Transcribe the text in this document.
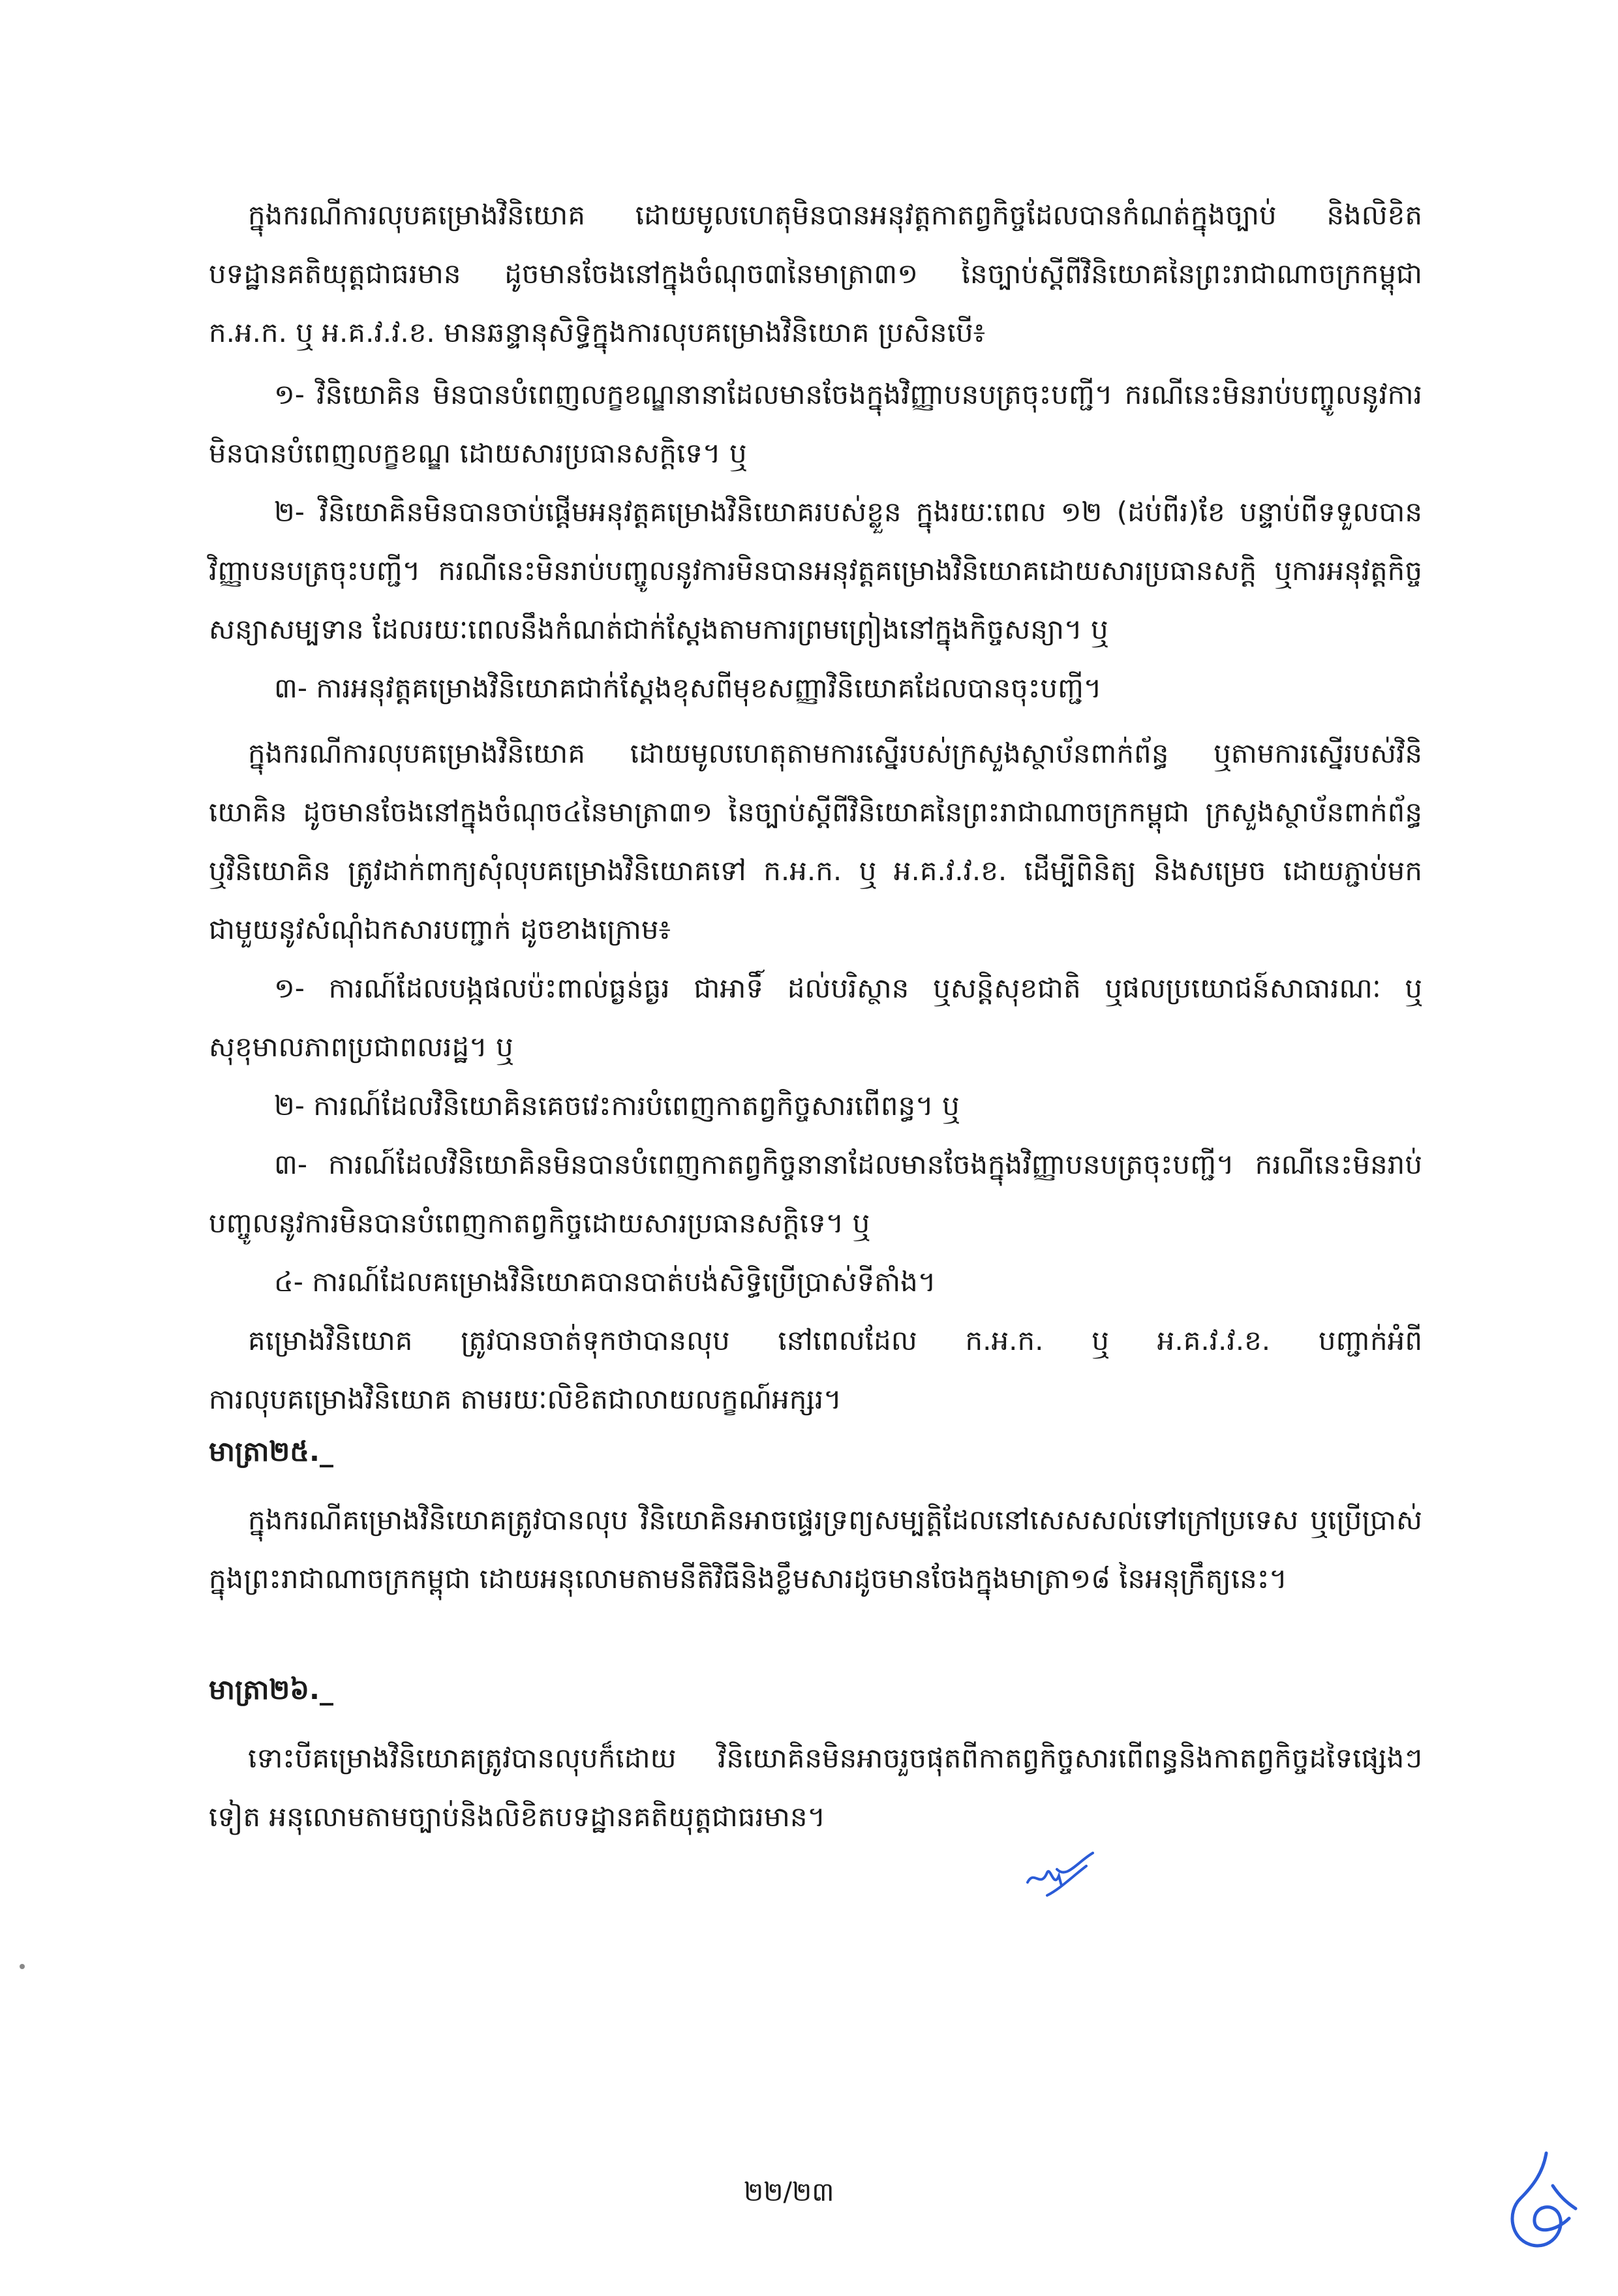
ក្នុងករណីការលុបគម្រោងវិនិយោគ ដោយមូលហេតុមិនបានអនុវត្តកាតព្វកិច្ចដែលបានកំណត់ក្នុងច្បាប់ និងលិខិតបទដ្ឋានគតិយុត្តជាធរមាន ដូចមានចែងនៅក្នុងចំណុច៣នៃមាត្រា៣១ នៃច្បាប់ស្តីពីវិនិយោគនៃព្រះរាជាណាចក្រកម្ពុជា ក.អ.ក. ឬ អ.គ.វ.វ.ខ. មានឆន្ទានុសិទ្ធិក្នុងការលុបគម្រោងវិនិយោគ ប្រសិនបើ៖
១- វិនិយោគិន មិនបានបំពេញលក្ខខណ្ឌនានាដែលមានចែងក្នុងវិញ្ញាបនបត្រចុះបញ្ជី។ ករណីនេះមិនរាប់បញ្ចូលនូវការមិនបានបំពេញលក្ខខណ្ឌ ដោយសារប្រធានសក្តិទេ។ ឬ
២- វិនិយោគិនមិនបានចាប់ផ្តើមអនុវត្តគម្រោងវិនិយោគរបស់ខ្លួន ក្នុងរយៈពេល ១២ (ដប់ពីរ)ខែ បន្ទាប់ពីទទួលបានវិញ្ញាបនបត្រចុះបញ្ជី។ ករណីនេះមិនរាប់បញ្ចូលនូវការមិនបានអនុវត្តគម្រោងវិនិយោគដោយសារប្រធានសក្តិ ឬការអនុវត្តកិច្ចសន្យាសម្បទាន ដែលរយៈពេលនឹងកំណត់ជាក់ស្តែងតាមការព្រមព្រៀងនៅក្នុងកិច្ចសន្យា។ ឬ
៣- ការអនុវត្តគម្រោងវិនិយោគជាក់ស្តែងខុសពីមុខសញ្ញាវិនិយោគដែលបានចុះបញ្ជី។
ក្នុងករណីការលុបគម្រោងវិនិយោគ ដោយមូលហេតុតាមការស្នើរបស់ក្រសួងស្ថាប័នពាក់ព័ន្ធ ឬតាមការស្នើរបស់វិនិយោគិន ដូចមានចែងនៅក្នុងចំណុច៤នៃមាត្រា៣១ នៃច្បាប់ស្តីពីវិនិយោគនៃព្រះរាជាណាចក្រកម្ពុជា ក្រសួងស្ថាប័នពាក់ព័ន្ធ ឬវិនិយោគិន ត្រូវដាក់ពាក្យសុំលុបគម្រោងវិនិយោគទៅ ក.អ.ក. ឬ អ.គ.វ.វ.ខ. ដើម្បីពិនិត្យ និងសម្រេច ដោយភ្ជាប់មកជាមួយនូវសំណុំឯកសារបញ្ជាក់ ដូចខាងក្រោម៖
១- ការណ៍ដែលបង្កផលប៉ះពាល់ធ្ងន់ធ្ងរ ជាអាទិ៍ ដល់បរិស្ថាន ឬសន្តិសុខជាតិ ឬផលប្រយោជន៍សាធារណៈ ឬសុខុមាលភាពប្រជាពលរដ្ឋ។ ឬ
២- ការណ៍ដែលវិនិយោគិនគេចវេះការបំពេញកាតព្វកិច្ចសារពើពន្ធ។ ឬ
៣- ការណ៍ដែលវិនិយោគិនមិនបានបំពេញកាតព្វកិច្ចនានាដែលមានចែងក្នុងវិញ្ញាបនបត្រចុះបញ្ជី។ ករណីនេះមិនរាប់បញ្ចូលនូវការមិនបានបំពេញកាតព្វកិច្ចដោយសារប្រធានសក្តិទេ។ ឬ
៤- ការណ៍ដែលគម្រោងវិនិយោគបានបាត់បង់សិទ្ធិប្រើប្រាស់ទីតាំង។
គម្រោងវិនិយោគ ត្រូវបានចាត់ទុកថាបានលុប នៅពេលដែល ក.អ.ក. ឬ អ.គ.វ.វ.ខ. បញ្ជាក់អំពីការលុបគម្រោងវិនិយោគ តាមរយៈលិខិតជាលាយលក្ខណ៍អក្សរ។
មាត្រា២៥._
ក្នុងករណីគម្រោងវិនិយោគត្រូវបានលុប វិនិយោគិនអាចផ្ទេរទ្រព្យសម្បត្តិដែលនៅសេសសល់ទៅក្រៅប្រទេស ឬប្រើប្រាស់ក្នុងព្រះរាជាណាចក្រកម្ពុជា ដោយអនុលោមតាមនីតិវិធីនិងខ្លឹមសារដូចមានចែងក្នុងមាត្រា១៨ នៃអនុក្រឹត្យនេះ។
មាត្រា២៦._
ទោះបីគម្រោងវិនិយោគត្រូវបានលុបក៏ដោយ វិនិយោគិនមិនអាចរួចផុតពីកាតព្វកិច្ចសារពើពន្ធនិងកាតព្វកិច្ចដទៃផ្សេងៗទៀត អនុលោមតាមច្បាប់និងលិខិតបទដ្ឋានគតិយុត្តជាធរមាន។
២២/២៣
